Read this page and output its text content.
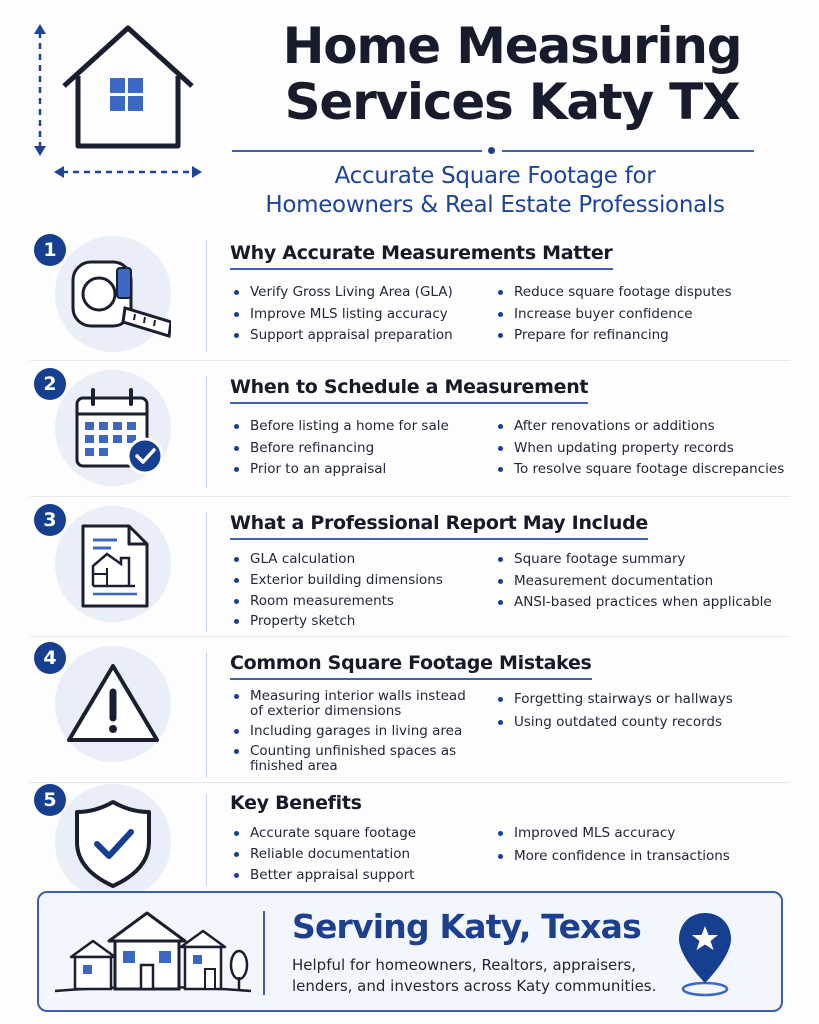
Home Measuring
Services Katy TX
Accurate Square Footage for
Homeowners & Real Estate Professionals
1	Why Accurate Measurements Matter
Verify Gross Living Area (GLA)
Improve MLS listing accuracy
Support appraisal preparation
Reduce square footage disputes
Increase buyer confidence
Prepare for refinancing
2	When to Schedule a Measurement
Before listing a home for sale
Before refinancing
Prior to an appraisal
After renovations or additions
When updating property records
To resolve square footage discrepancies
3	What a Professional Report May Include
GLA calculation
Exterior building dimensions
Room measurements
Property sketch
Square footage summary
Measurement documentation
ANSI-based practices when applicable
4	Common Square Footage Mistakes
Measuring interior walls instead of exterior dimensions
Including garages in living area
Counting unfinished spaces as finished area
Forgetting stairways or hallways
Using outdated county records
5	Key Benefits
Accurate square footage
Reliable documentation
Better appraisal support
Improved MLS accuracy
More confidence in transactions
Serving Katy, Texas
Helpful for homeowners, Realtors, appraisers,
lenders, and investors across Katy communities.
